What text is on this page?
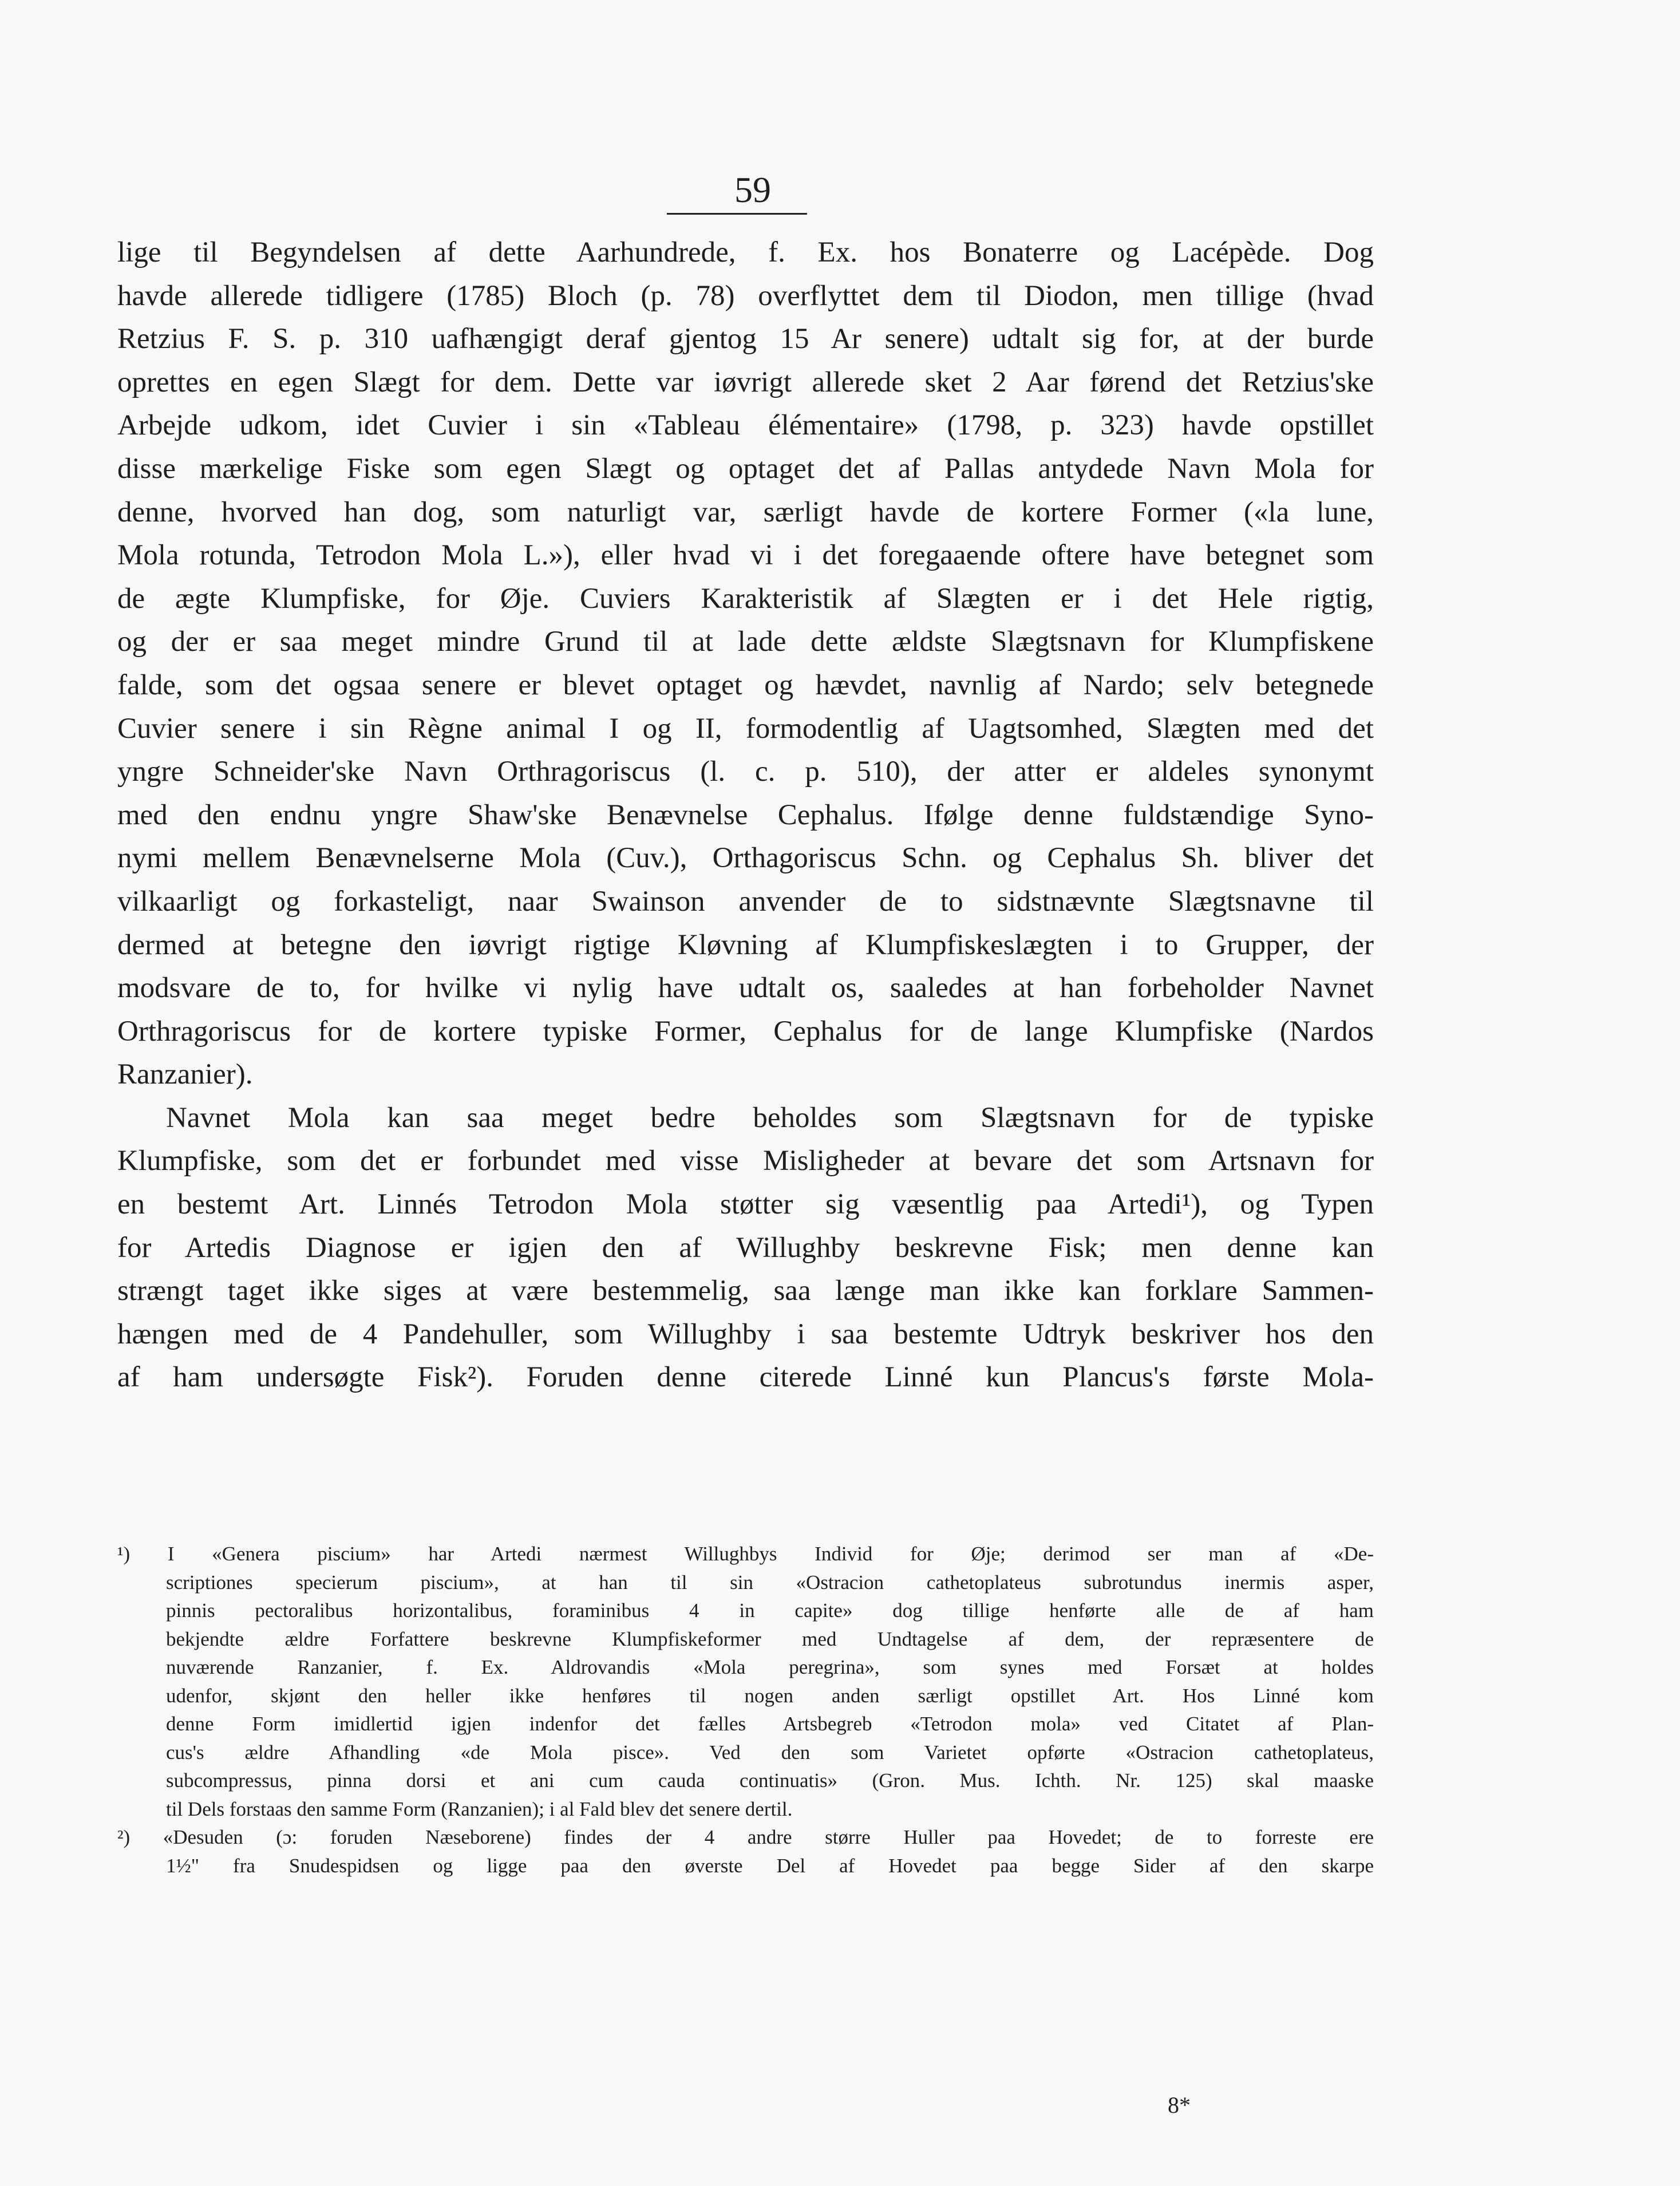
59
lige til Begyndelsen af dette Aarhundrede, f. Ex. hos Bonaterre og Lacépède. Dog
havde allerede tidligere (1785) Bloch (p. 78) overflyttet dem til Diodon, men tillige (hvad
Retzius F. S. p. 310 uafhængigt deraf gjentog 15 Ar senere) udtalt sig for, at der burde
oprettes en egen Slægt for dem. Dette var iøvrigt allerede sket 2 Aar førend det Retzius'ske
Arbejde udkom, idet Cuvier i sin «Tableau élémentaire» (1798, p. 323) havde opstillet
disse mærkelige Fiske som egen Slægt og optaget det af Pallas antydede Navn Mola for
denne, hvorved han dog, som naturligt var, særligt havde de kortere Former («la lune,
Mola rotunda, Tetrodon Mola L.»), eller hvad vi i det foregaaende oftere have betegnet som
de ægte Klumpfiske, for Øje. Cuviers Karakteristik af Slægten er i det Hele rigtig,
og der er saa meget mindre Grund til at lade dette ældste Slægtsnavn for Klumpfiskene
falde, som det ogsaa senere er blevet optaget og hævdet, navnlig af Nardo; selv betegnede
Cuvier senere i sin Règne animal I og II, formodentlig af Uagtsomhed, Slægten med det
yngre Schneider'ske Navn Orthragoriscus (l. c. p. 510), der atter er aldeles synonymt
med den endnu yngre Shaw'ske Benævnelse Cephalus. Ifølge denne fuldstændige Syno-
nymi mellem Benævnelserne Mola (Cuv.), Orthagoriscus Schn. og Cephalus Sh. bliver det
vilkaarligt og forkasteligt, naar Swainson anvender de to sidstnævnte Slægtsnavne til
dermed at betegne den iøvrigt rigtige Kløvning af Klumpfiskeslægten i to Grupper, der
modsvare de to, for hvilke vi nylig have udtalt os, saaledes at han forbeholder Navnet
Orthragoriscus for de kortere typiske Former, Cephalus for de lange Klumpfiske (Nardos
Ranzanier).
Navnet Mola kan saa meget bedre beholdes som Slægtsnavn for de typiske
Klumpfiske, som det er forbundet med visse Misligheder at bevare det som Artsnavn for
en bestemt Art. Linnés Tetrodon Mola støtter sig væsentlig paa Artedi¹), og Typen
for Artedis Diagnose er igjen den af Willughby beskrevne Fisk; men denne kan
strængt taget ikke siges at være bestemmelig, saa længe man ikke kan forklare Sammen-
hængen med de 4 Pandehuller, som Willughby i saa bestemte Udtryk beskriver hos den
af ham undersøgte Fisk²). Foruden denne citerede Linné kun Plancus's første Mola-
¹) I «Genera piscium» har Artedi nærmest Willughbys Individ for Øje; derimod ser man af «De-
scriptiones specierum piscium», at han til sin «Ostracion cathetoplateus subrotundus inermis asper,
pinnis pectoralibus horizontalibus, foraminibus 4 in capite» dog tillige henførte alle de af ham
bekjendte ældre Forfattere beskrevne Klumpfiskeformer med Undtagelse af dem, der repræsentere de
nuværende Ranzanier, f. Ex. Aldrovandis «Mola peregrina», som synes med Forsæt at holdes
udenfor, skjønt den heller ikke henføres til nogen anden særligt opstillet Art. Hos Linné kom
denne Form imidlertid igjen indenfor det fælles Artsbegreb «Tetrodon mola» ved Citatet af Plan-
cus's ældre Afhandling «de Mola pisce». Ved den som Varietet opførte «Ostracion cathetoplateus,
subcompressus, pinna dorsi et ani cum cauda continuatis» (Gron. Mus. Ichth. Nr. 125) skal maaske
til Dels forstaas den samme Form (Ranzanien); i al Fald blev det senere dertil.
²) «Desuden (ɔ: foruden Næseborene) findes der 4 andre større Huller paa Hovedet; de to forreste ere
1½" fra Snudespidsen og ligge paa den øverste Del af Hovedet paa begge Sider af den skarpe
8*
